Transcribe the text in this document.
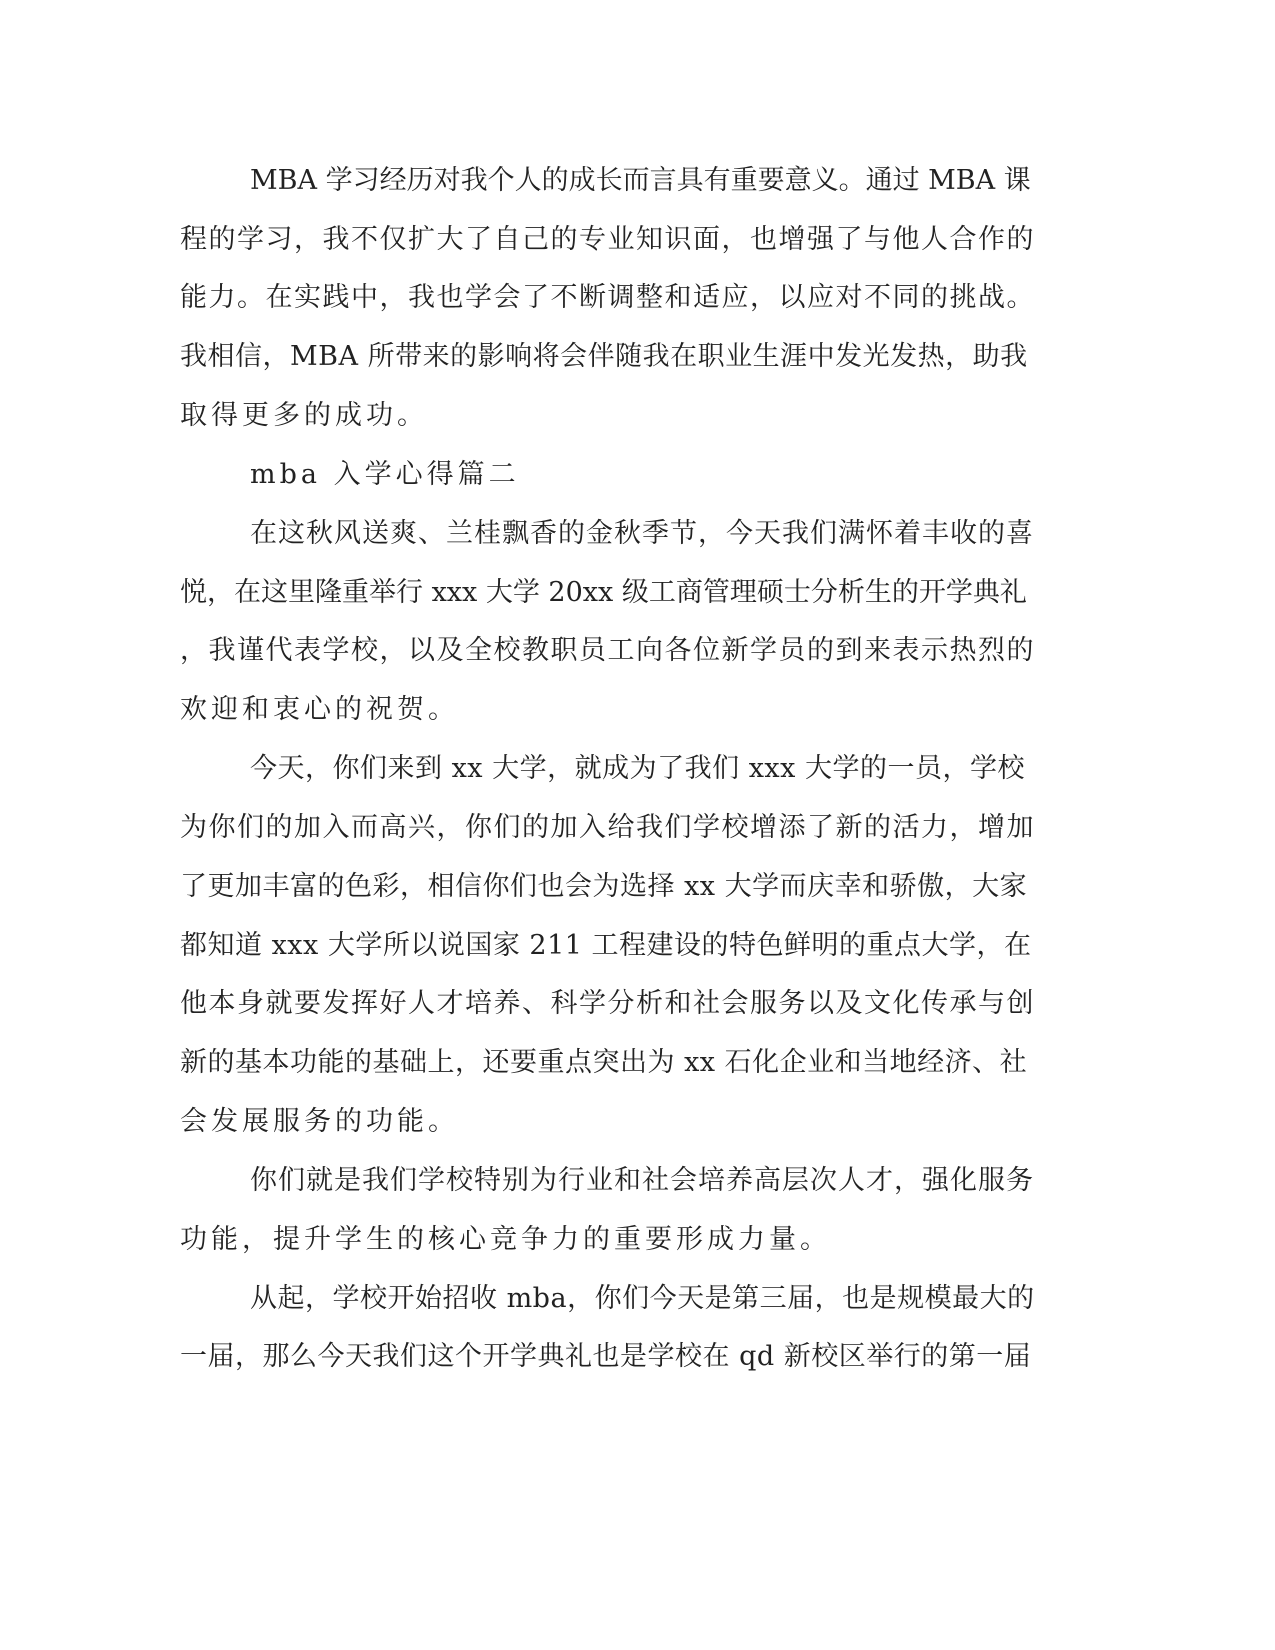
MBA 学习经历对我个人的成长而言具有重要意义。通过 MBA 课
程的学习，我不仅扩大了自己的专业知识面，也增强了与他人合作的
能力。在实践中，我也学会了不断调整和适应，以应对不同的挑战。
我相信，MBA 所带来的影响将会伴随我在职业生涯中发光发热，助我
取得更多的成功。
mba 入学心得篇二
在这秋风送爽、兰桂飘香的金秋季节，今天我们满怀着丰收的喜
悦，在这里隆重举行 xxx 大学 20xx 级工商管理硕士分析生的开学典礼
，我谨代表学校，以及全校教职员工向各位新学员的到来表示热烈的
欢迎和衷心的祝贺。
今天，你们来到 xx 大学，就成为了我们 xxx 大学的一员，学校
为你们的加入而高兴，你们的加入给我们学校增添了新的活力，增加
了更加丰富的色彩，相信你们也会为选择 xx 大学而庆幸和骄傲，大家
都知道 xxx 大学所以说国家 211 工程建设的特色鲜明的重点大学，在
他本身就要发挥好人才培养、科学分析和社会服务以及文化传承与创
新的基本功能的基础上，还要重点突出为 xx 石化企业和当地经济、社
会发展服务的功能。
你们就是我们学校特别为行业和社会培养高层次人才，强化服务
功能，提升学生的核心竞争力的重要形成力量。
从起，学校开始招收 mba，你们今天是第三届，也是规模最大的
一届，那么今天我们这个开学典礼也是学校在 qd 新校区举行的第一届
